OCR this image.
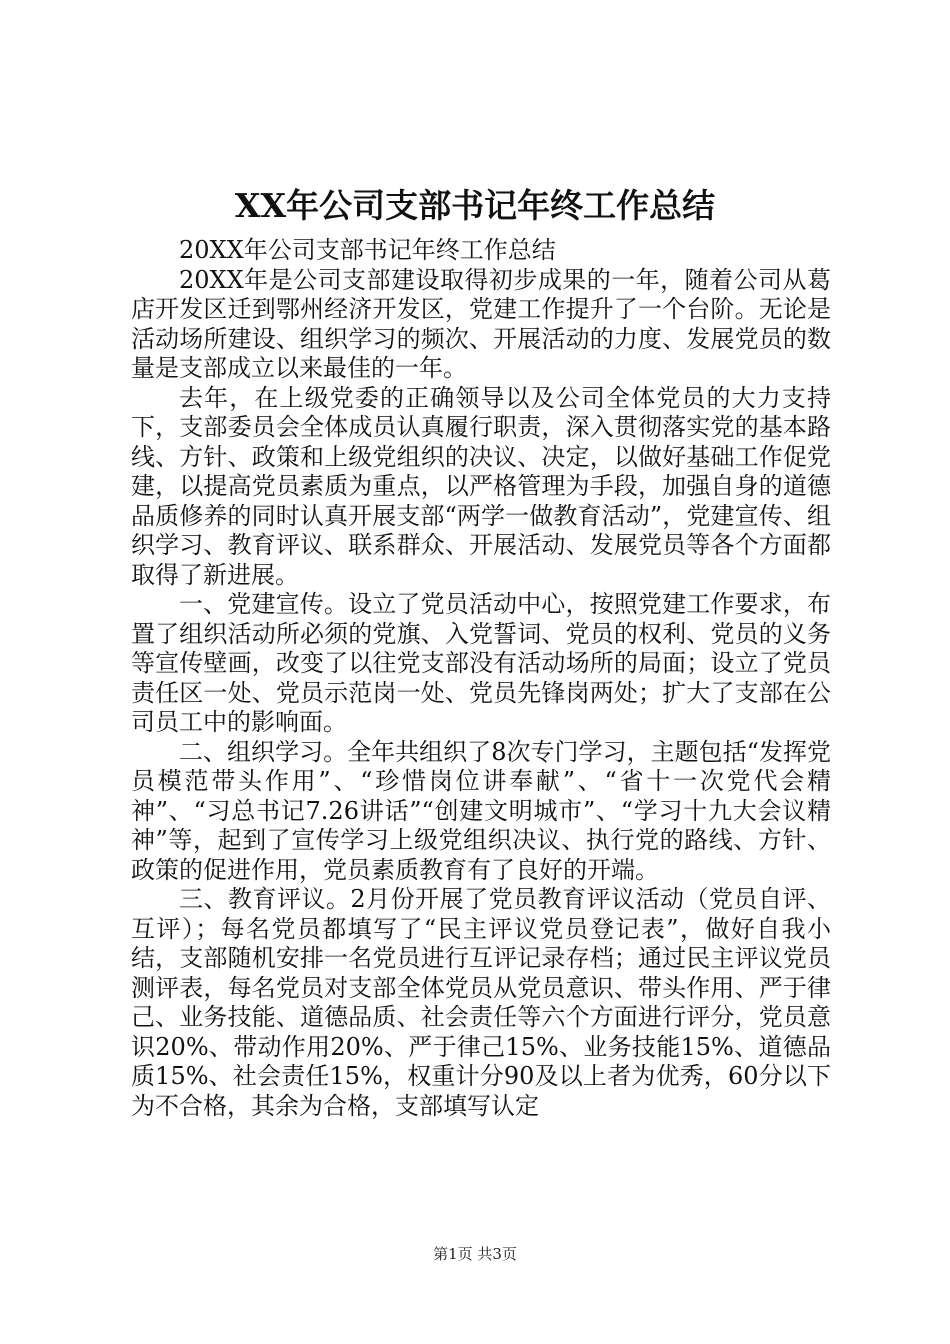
XX年公司支部书记年终工作总结

20XX年公司支部书记年终工作总结

20XX年是公司支部建设取得初步成果的一年，随着公司从葛店开发区迁到鄂州经济开发区，党建工作提升了一个台阶。无论是活动场所建设、组织学习的频次、开展活动的力度、发展党员的数量是支部成立以来最佳的一年。

去年，在上级党委的正确领导以及公司全体党员的大力支持下，支部委员会全体成员认真履行职责，深入贯彻落实党的基本路线、方针、政策和上级党组织的决议、决定，以做好基础工作促党建，以提高党员素质为重点，以严格管理为手段，加强自身的道德品质修养的同时认真开展支部“两学一做教育活动”，党建宣传、组织学习、教育评议、联系群众、开展活动、发展党员等各个方面都取得了新进展。

一、党建宣传。设立了党员活动中心，按照党建工作要求，布置了组织活动所必须的党旗、入党誓词、党员的权利、党员的义务等宣传壁画，改变了以往党支部没有活动场所的局面；设立了党员责任区一处、党员示范岗一处、党员先锋岗两处；扩大了支部在公司员工中的影响面。

二、组织学习。全年共组织了8次专门学习，主题包括“发挥党员模范带头作用”、“珍惜岗位讲奉献”、“省十一次党代会精神”、“习总书记7.26讲话”“创建文明城市”、“学习十九大会议精神”等，起到了宣传学习上级党组织决议、执行党的路线、方针、政策的促进作用，党员素质教育有了良好的开端。

三、教育评议。2月份开展了党员教育评议活动（党员自评、互评）；每名党员都填写了“民主评议党员登记表”，做好自我小结，支部随机安排一名党员进行互评记录存档；通过民主评议党员测评表，每名党员对支部全体党员从党员意识、带头作用、严于律己、业务技能、道德品质、社会责任等六个方面进行评分，党员意识20%、带动作用20%、严于律己15%、业务技能15%、道德品质15%、社会责任15%，权重计分90及以上者为优秀，60分以下为不合格，其余为合格，支部填写认定

第1页 共3页
